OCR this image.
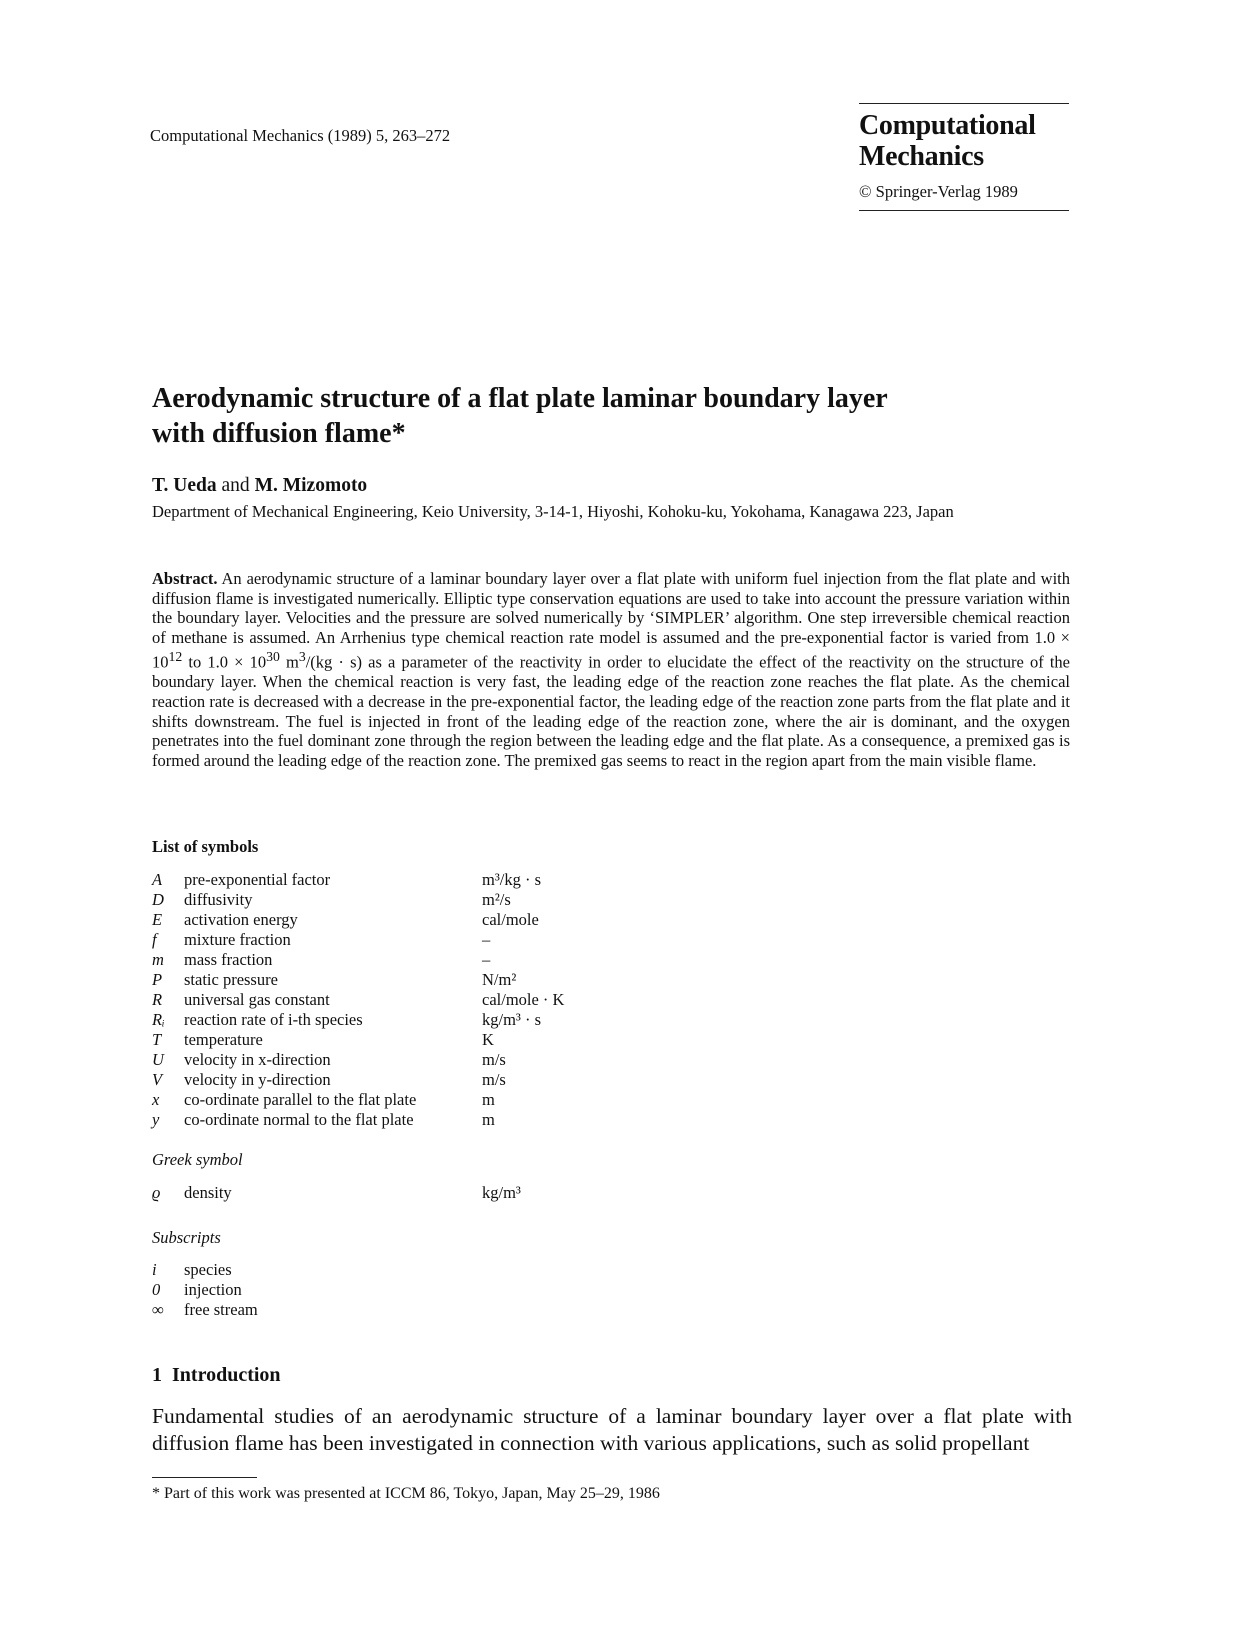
Computational Mechanics (1989) 5, 263–272	Computational
Mechanics
© Springer-Verlag 1989
Aerodynamic structure of a flat plate laminar boundary layer
with diffusion flame*
T. Ueda and M. Mizomoto
Department of Mechanical Engineering, Keio University, 3-14-1, Hiyoshi, Kohoku-ku, Yokohama, Kanagawa 223, Japan
Abstract. An aerodynamic structure of a laminar boundary layer over a flat plate with uniform fuel injection from the flat plate and with diffusion flame is investigated numerically. Elliptic type conservation equations are used to take into account the pressure variation within the boundary layer. Velocities and the pressure are solved numerically by ‘SIMPLER’ algorithm. One step irreversible chemical reaction of methane is assumed. An Arrhenius type chemical reaction rate model is assumed and the pre-exponential factor is varied from $1.0 \times 10^{12}$ to $1.0 \times 10^{30}$ $m^3/(kg \cdot s)$ as a parameter of the reactivity in order to elucidate the effect of the reactivity on the structure of the boundary layer. When the chemical reaction is very fast, the leading edge of the reaction zone reaches the flat plate. As the chemical reaction rate is decreased with a decrease in the pre-exponential factor, the leading edge of the reaction zone parts from the flat plate and it shifts downstream. The fuel is injected in front of the leading edge of the reaction zone, where the air is dominant, and the oxygen penetrates into the fuel dominant zone through the region between the leading edge and the flat plate. As a consequence, a premixed gas is formed around the leading edge of the reaction zone. The premixed gas seems to react in the region apart from the main visible flame.
List of symbols
A	pre-exponential factor	m³/kg · s
D	diffusivity	m²/s
E	activation energy	cal/mole
f	mixture fraction	–
m	mass fraction	–
P	static pressure	N/m²
R	universal gas constant	cal/mole · K
Rᵢ	reaction rate of i-th species	kg/m³ · s
T	temperature	K
U	velocity in x-direction	m/s
V	velocity in y-direction	m/s
x	co-ordinate parallel to the flat plate	m
y	co-ordinate normal to the flat plate	m
Greek symbol
ϱ	density	kg/m³
Subscripts
i	species
0	injection
∞	free stream
1 Introduction
Fundamental studies of an aerodynamic structure of a laminar boundary layer over a flat plate with diffusion flame has been investigated in connection with various applications, such as solid propellant
* Part of this work was presented at ICCM 86, Tokyo, Japan, May 25–29, 1986
